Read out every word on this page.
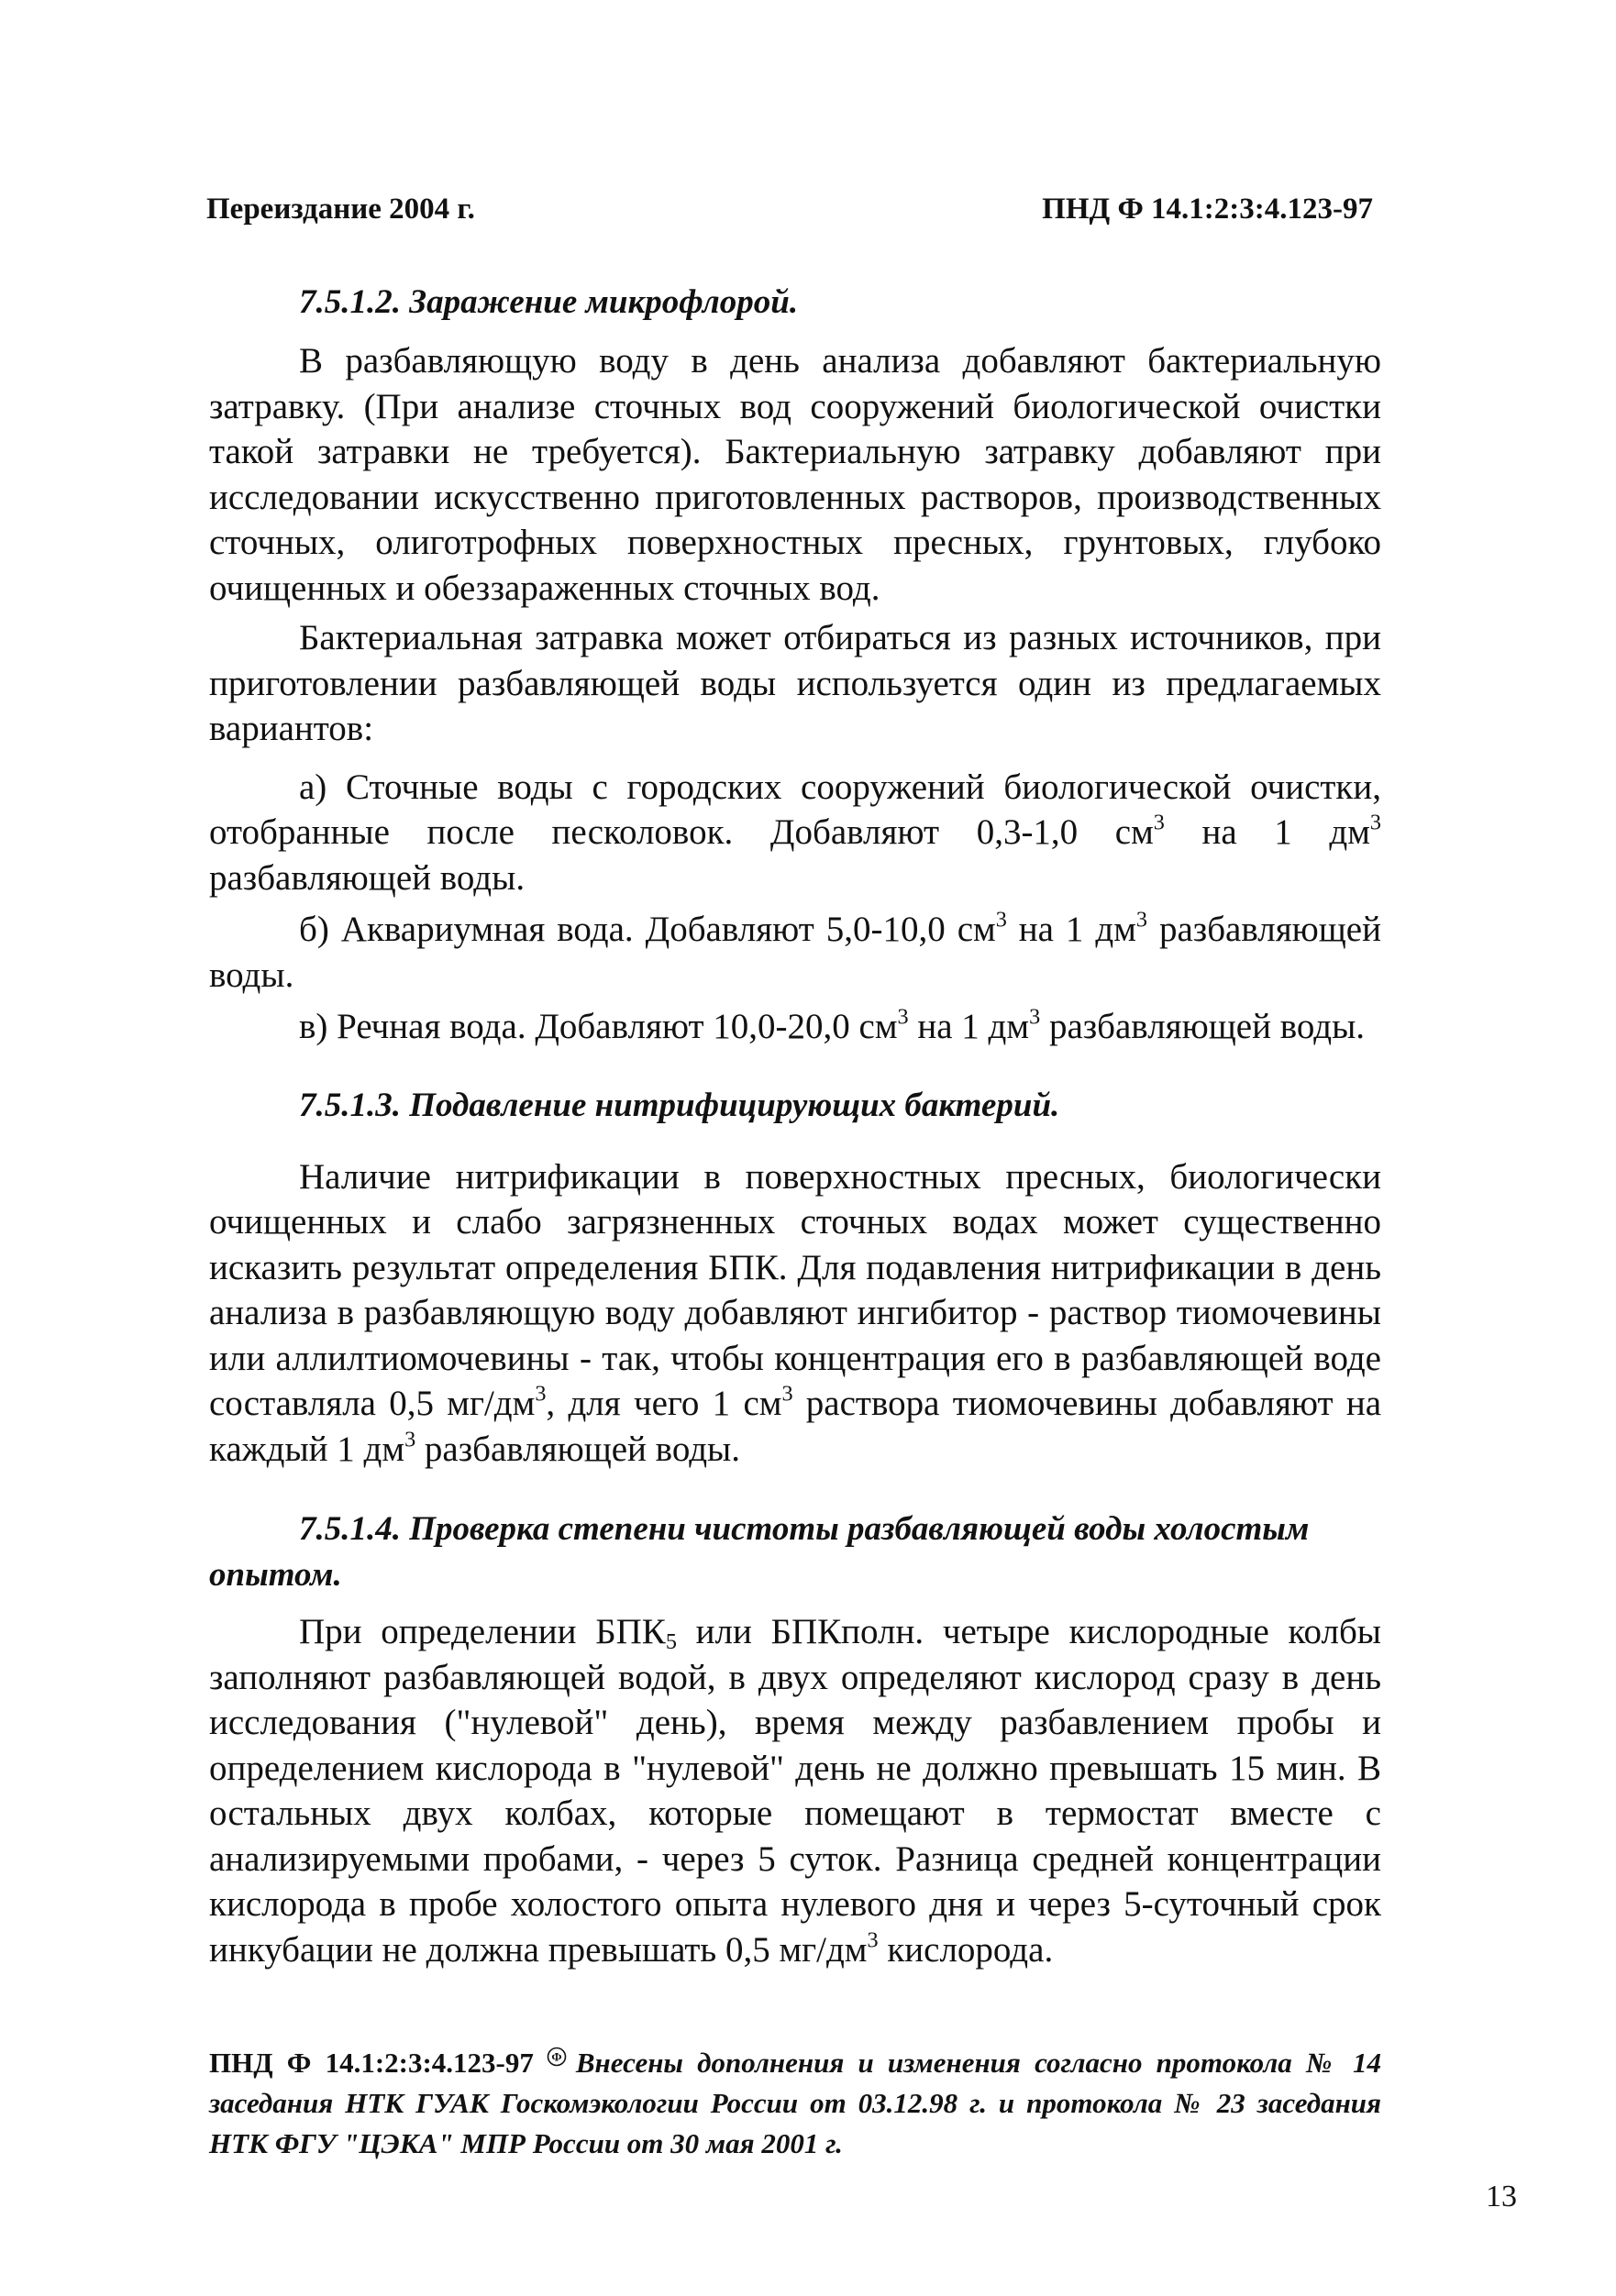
Переиздание 2004 г.	ПНД Ф 14.1:2:3:4.123-97

7.5.1.2. Заражение микрофлорой.

В разбавляющую воду в день анализа добавляют бактериальную затравку. (При анализе сточных вод сооружений биологической очистки такой затравки не требуется). Бактериальную затравку добавляют при исследовании искусственно приготовленных растворов, производственных сточных, олиготрофных поверхностных пресных, грунтовых, глубоко очищенных и обеззараженных сточных вод.

Бактериальная затравка может отбираться из разных источников, при приготовлении разбавляющей воды используется один из предлагаемых вариантов:

а) Сточные воды с городских сооружений биологической очистки, отобранные после песколовок. Добавляют 0,3-1,0 $см^3$ на 1 $дм^3$ разбавляющей воды.

б) Аквариумная вода. Добавляют 5,0-10,0 $см^3$ на 1 $дм^3$ разбавляющей воды.

в) Речная вода. Добавляют 10,0-20,0 $см^3$ на 1 $дм^3$ разбавляющей воды.

7.5.1.3. Подавление нитрифицирующих бактерий.

Наличие нитрификации в поверхностных пресных, биологически очищенных и слабо загрязненных сточных водах может существенно исказить результат определения БПК. Для подавления нитрификации в день анализа в разбавляющую воду добавляют ингибитор - раствор тиомочевины или аллилтиомочевины - так, чтобы концентрация его в разбавляющей воде составляла 0,5 $мг/дм^3$, для чего 1 $см^3$ раствора тиомочевины добавляют на каждый 1 $дм^3$ разбавляющей воды.

7.5.1.4. Проверка степени чистоты разбавляющей воды холостым опытом.

При определении $БПК_5$ или БПКполн. четыре кислородные колбы заполняют разбавляющей водой, в двух определяют кислород сразу в день исследования ("нулевой" день), время между разбавлением пробы и определением кислорода в "нулевой" день не должно превышать 15 мин. В остальных двух колбах, которые помещают в термостат вместе с анализируемыми пробами, - через 5 суток. Разница средней концентрации кислорода в пробе холостого опыта нулевого дня и через 5-суточный срок инкубации не должна превышать 0,5 $мг/дм^3$ кислорода.

ПНД Ф 14.1:2:3:4.123-97 Ф Внесены дополнения и изменения согласно протокола № 14 заседания НТК ГУАК Госкомэкологии России от 03.12.98 г. и протокола № 23 заседания НТК ФГУ "ЦЭКА" МПР России от 30 мая 2001 г.
13
